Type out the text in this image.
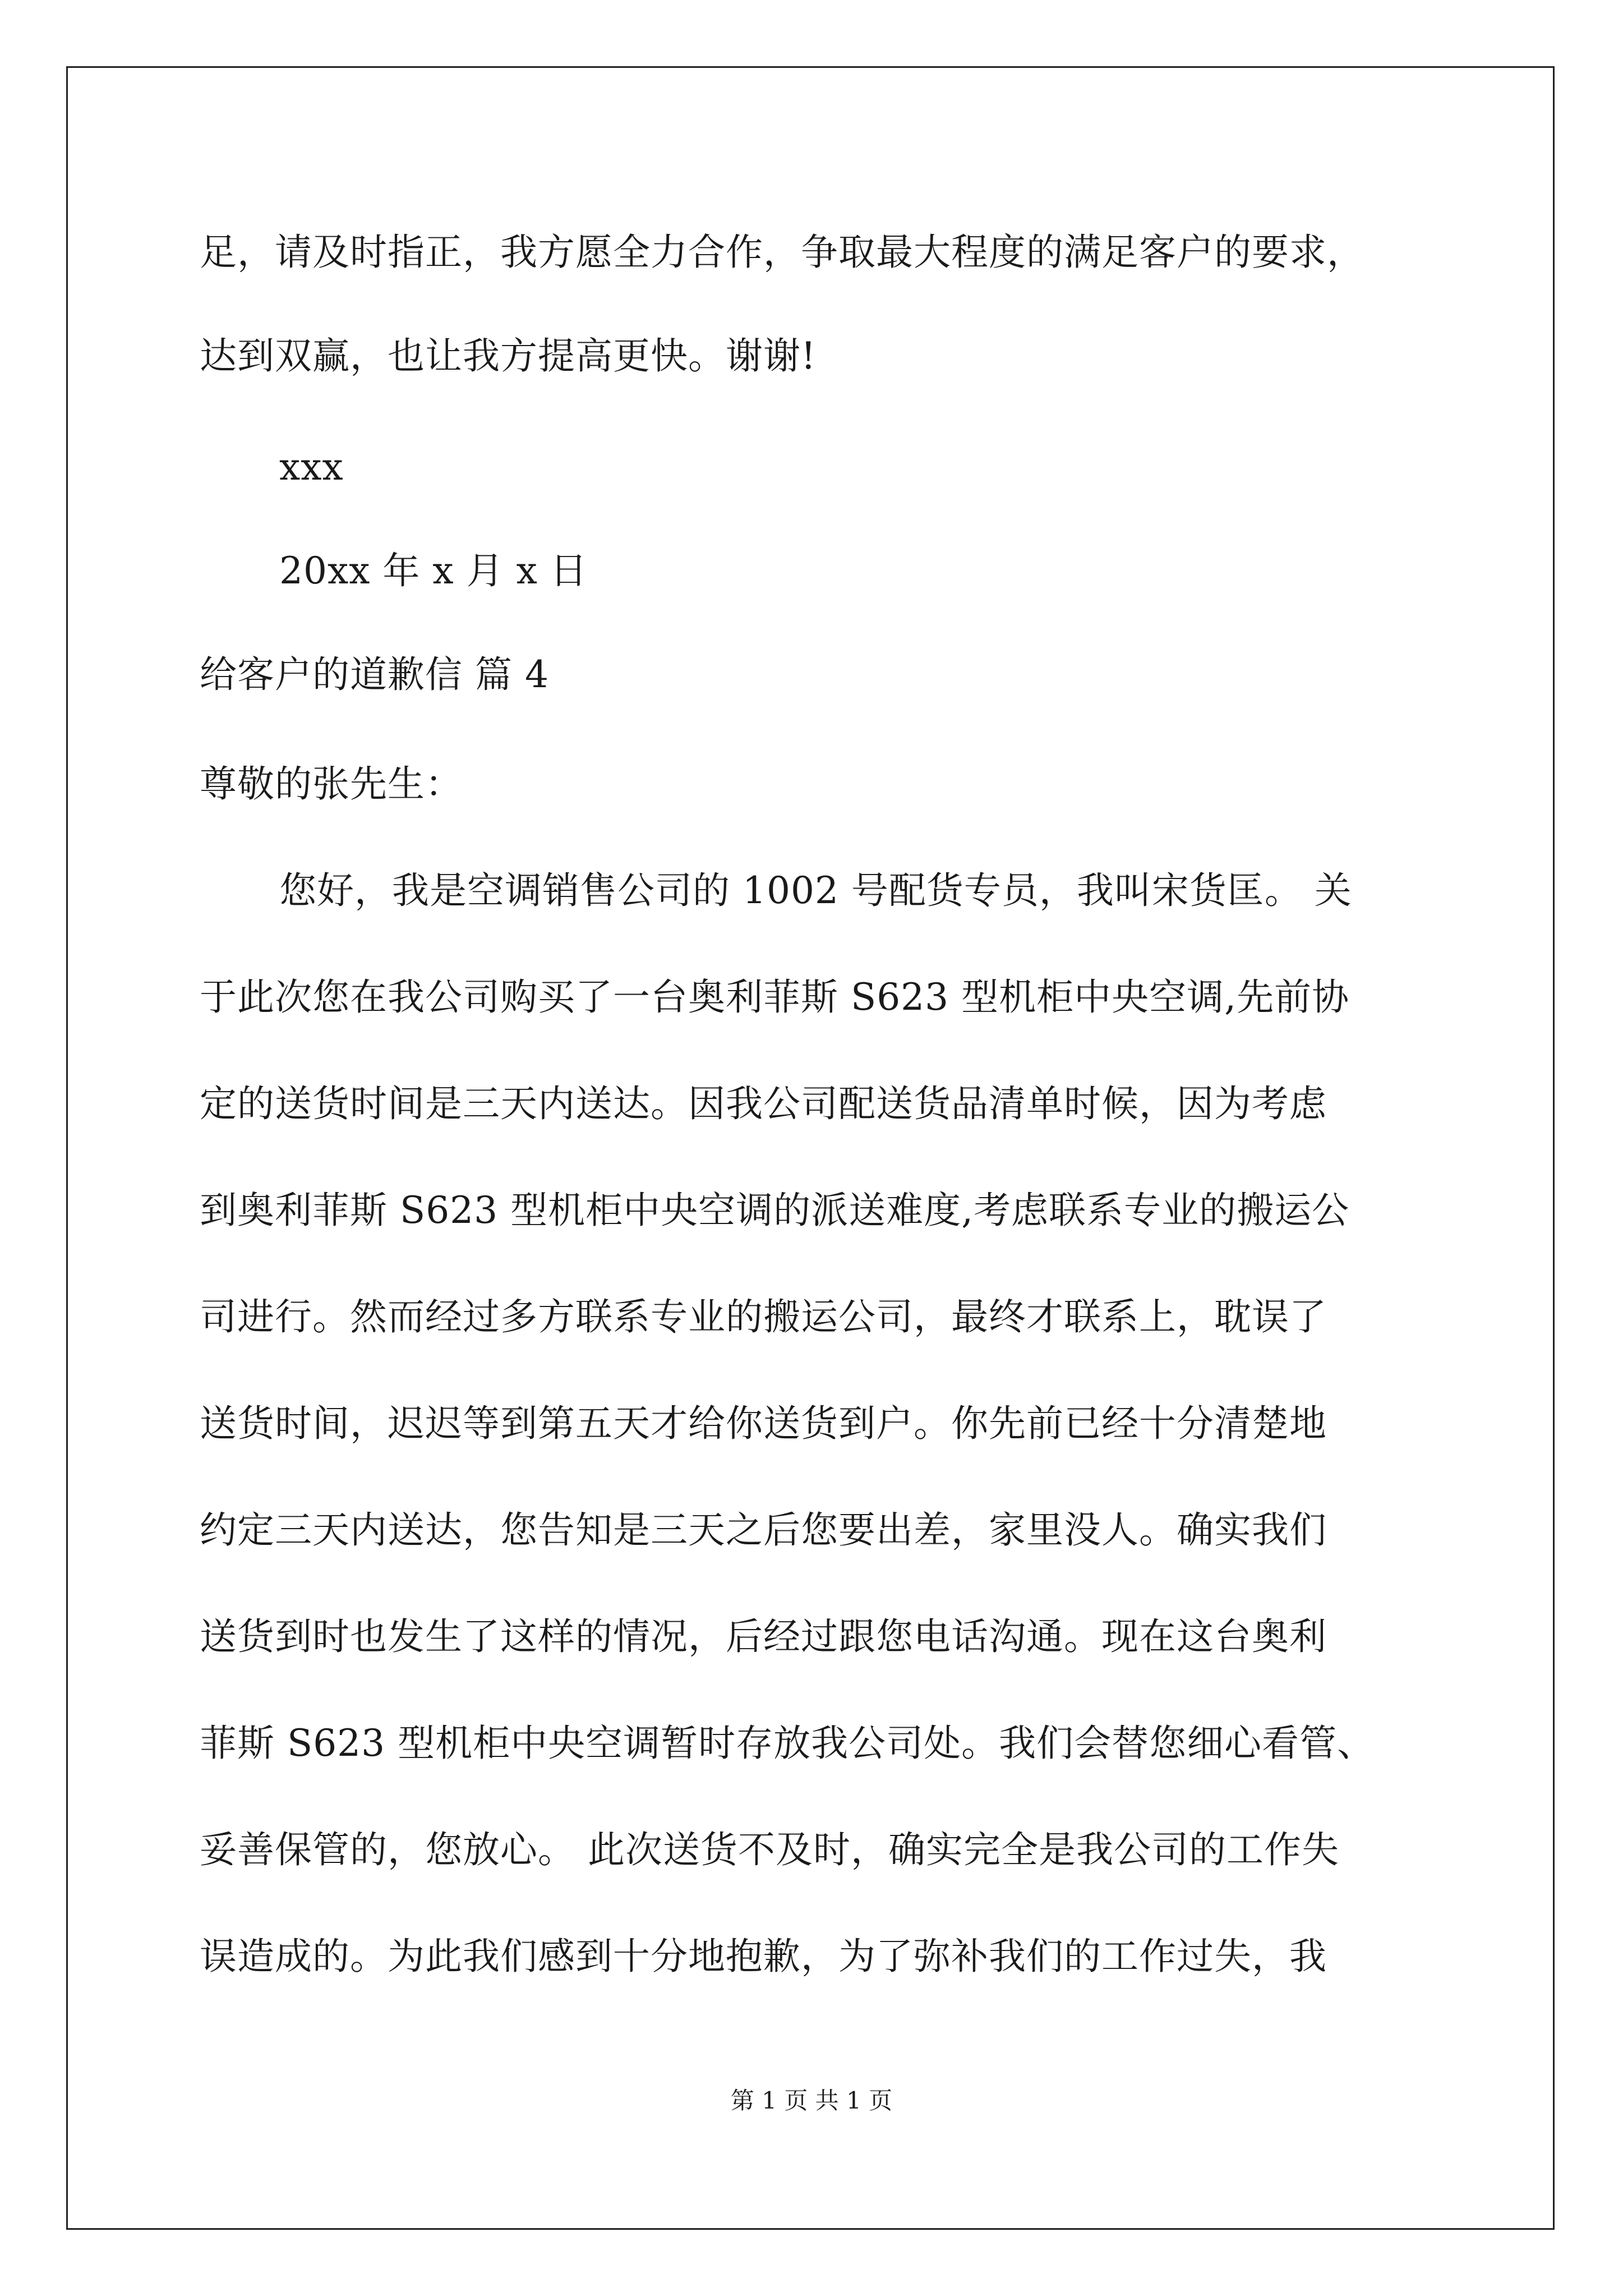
足，请及时指正，我方愿全力合作，争取最大程度的满足客户的要求，
达到双赢，也让我方提高更快。谢谢!
xxx
20xx 年 x 月 x 日
给客户的道歉信 篇 4
尊敬的张先生：
您好，我是空调销售公司的 1002 号配货专员，我叫宋货匡。 关
于此次您在我公司购买了一台奥利菲斯 S623 型机柜中央空调,先前协
定的送货时间是三天内送达。因我公司配送货品清单时候，因为考虑
到奥利菲斯 S623 型机柜中央空调的派送难度,考虑联系专业的搬运公
司进行。然而经过多方联系专业的搬运公司，最终才联系上，耽误了
送货时间，迟迟等到第五天才给你送货到户。你先前已经十分清楚地
约定三天内送达，您告知是三天之后您要出差，家里没人。确实我们
送货到时也发生了这样的情况，后经过跟您电话沟通。现在这台奥利
菲斯 S623 型机柜中央空调暂时存放我公司处。我们会替您细心看管、
妥善保管的，您放心。 此次送货不及时，确实完全是我公司的工作失
误造成的。为此我们感到十分地抱歉，为了弥补我们的工作过失，我
第 1 页 共 1 页
